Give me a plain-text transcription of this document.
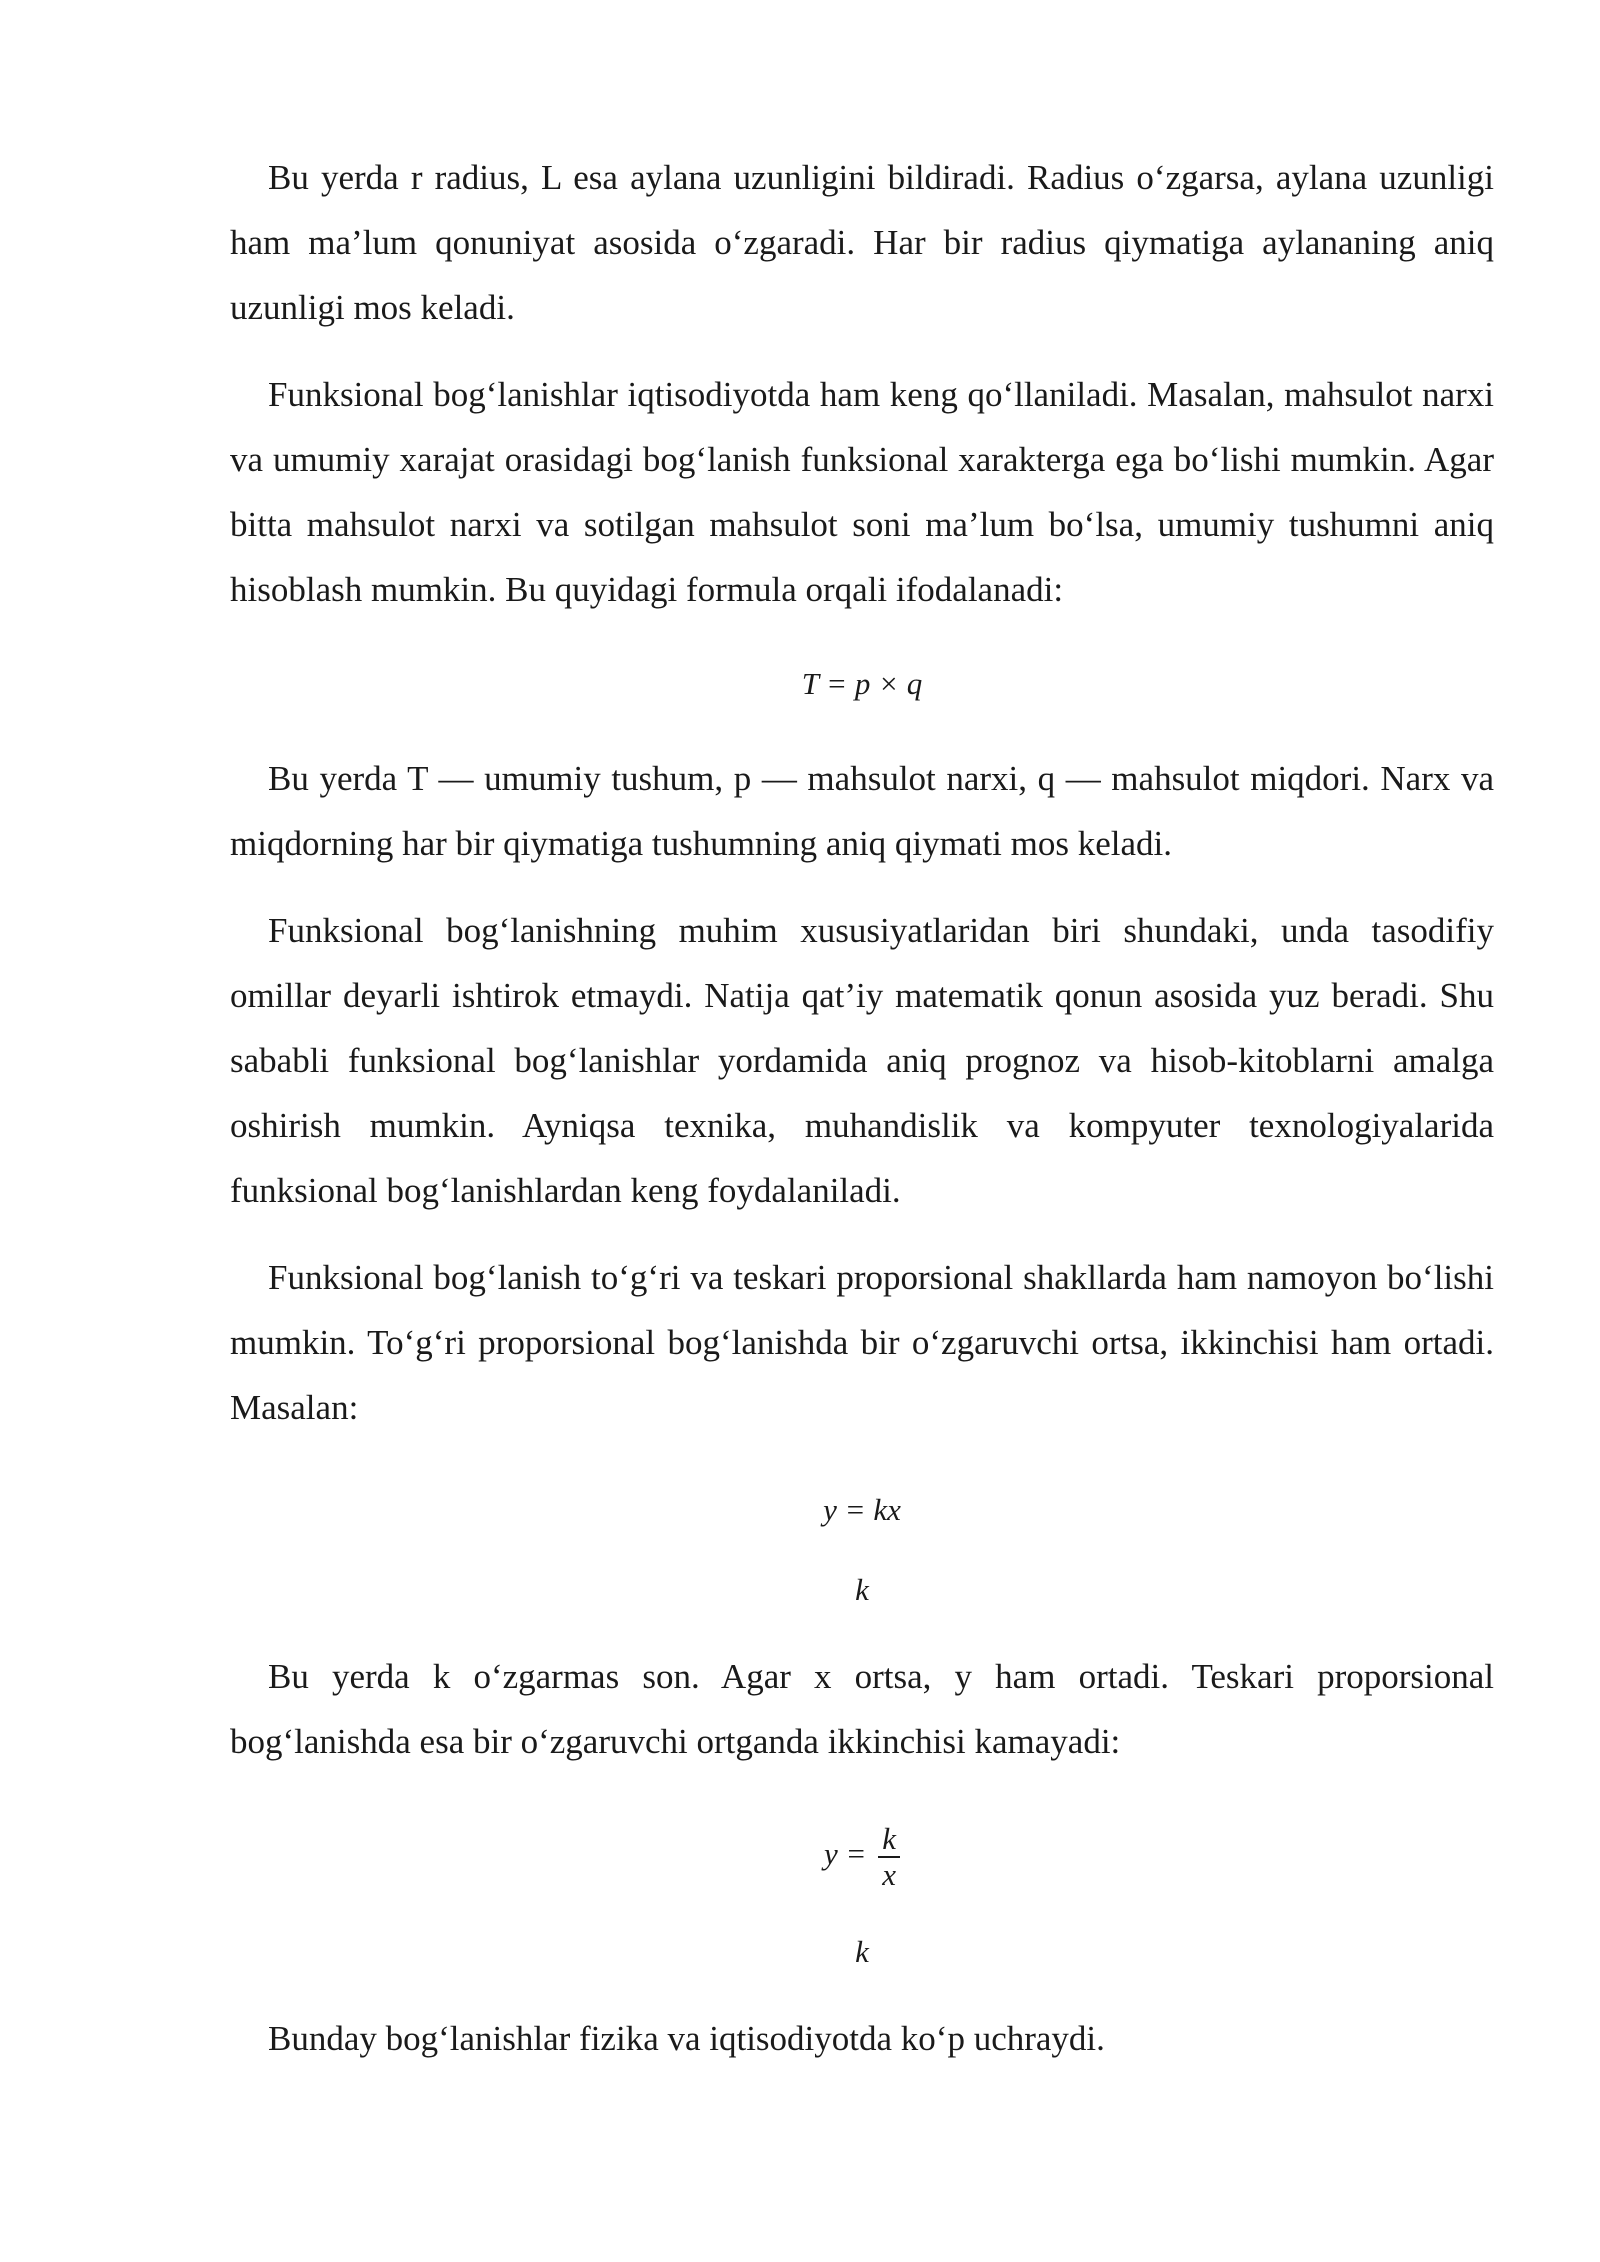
Bu yerda r radius, L esa aylana uzunligini bildiradi. Radius o‘zgarsa, aylana uzunligi ham ma’lum qonuniyat asosida o‘zgaradi. Har bir radius qiymatiga aylananing aniq uzunligi mos keladi.

Funksional bog‘lanishlar iqtisodiyotda ham keng qo‘llaniladi. Masalan, mahsulot narxi va umumiy xarajat orasidagi bog‘lanish funksional xarakterga ega bo‘lishi mumkin. Agar bitta mahsulot narxi va sotilgan mahsulot soni ma’lum bo‘lsa, umumiy tushumni aniq hisoblash mumkin. Bu quyidagi formula orqali ifodalanadi:

T = p × q

Bu yerda T — umumiy tushum, p — mahsulot narxi, q — mahsulot miqdori. Narx va miqdorning har bir qiymatiga tushumning aniq qiymati mos keladi.

Funksional bog‘lanishning muhim xususiyatlaridan biri shundaki, unda tasodifiy omillar deyarli ishtirok etmaydi. Natija qat’iy matematik qonun asosida yuz beradi. Shu sababli funksional bog‘lanishlar yordamida aniq prognoz va hisob-kitoblarni amalga oshirish mumkin. Ayniqsa texnika, muhandislik va kompyuter texnologiyalarida funksional bog‘lanishlardan keng foydalaniladi.

Funksional bog‘lanish to‘g‘ri va teskari proporsional shakllarda ham namoyon bo‘lishi mumkin. To‘g‘ri proporsional bog‘lanishda bir o‘zgaruvchi ortsa, ikkinchisi ham ortadi. Masalan:

y = kx

k

Bu yerda k o‘zgarmas son. Agar x ortsa, y ham ortadi. Teskari proporsional bog‘lanishda esa bir o‘zgaruvchi ortganda ikkinchisi kamayadi:

$y = \frac{k}{x}$

k

Bunday bog‘lanishlar fizika va iqtisodiyotda ko‘p uchraydi.
